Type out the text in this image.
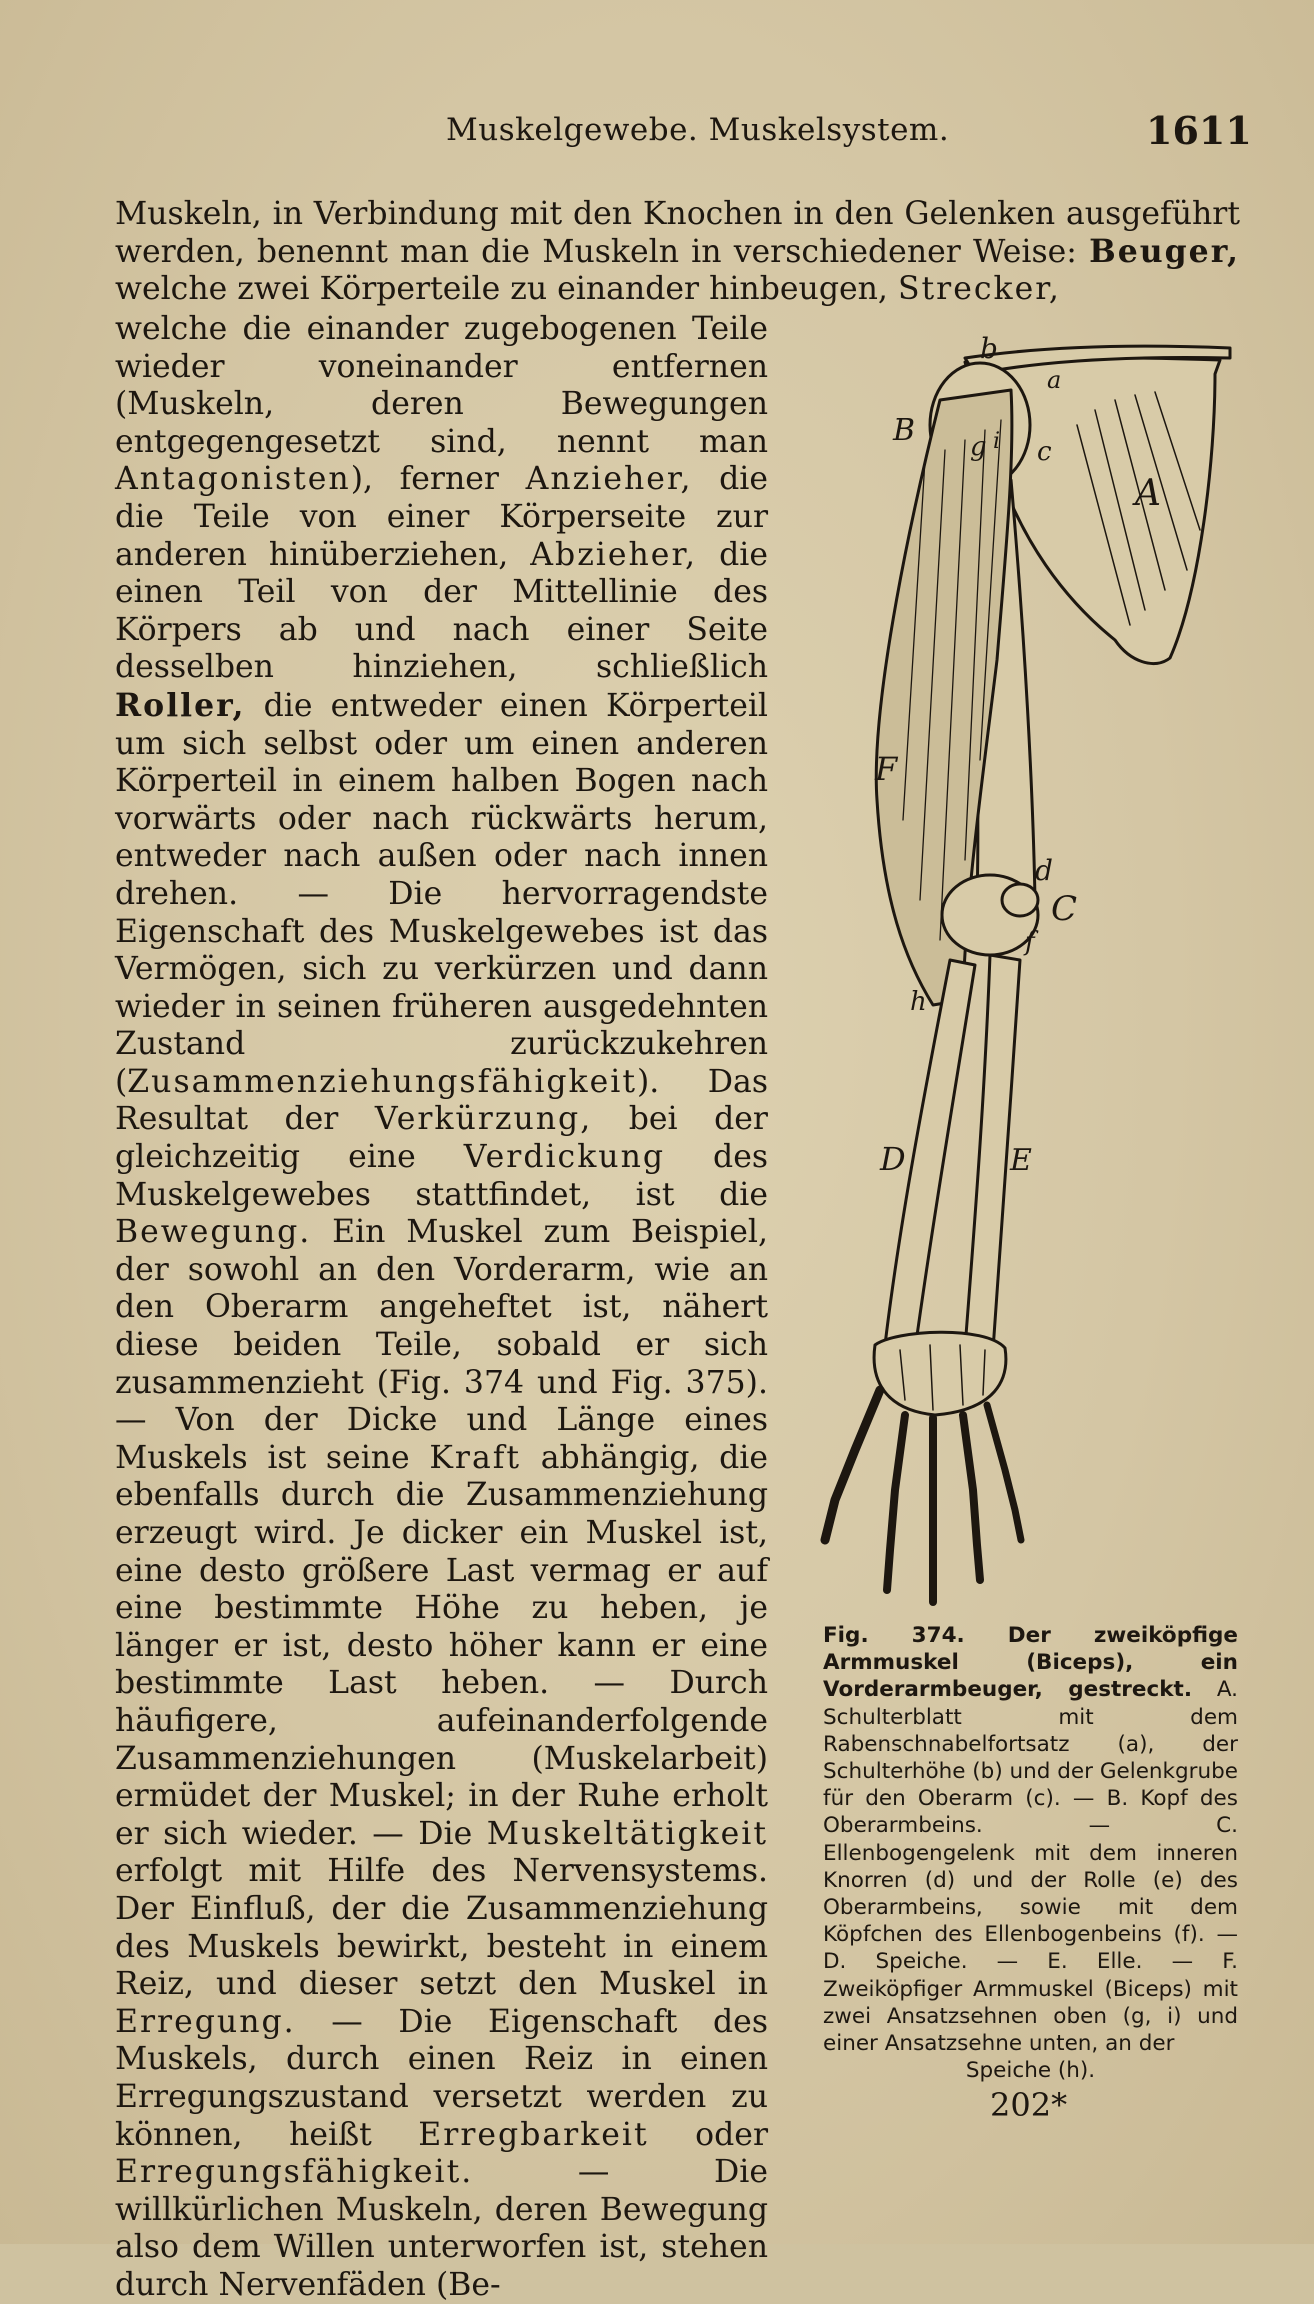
Muskelgewebe. Muskelsystem.	1611
Muskeln, in Verbindung mit den Knochen in den Gelenken ausgeführt werden, benennt man die Muskeln in verschiedener Weise: Beuger, welche zwei Körperteile zu einander hinbeugen, Strecker,
welche die einander zugebogenen Teile wieder voneinander entfernen (Muskeln, deren Bewegungen entgegengesetzt sind, nennt man Antagonisten), ferner Anzieher, die die Teile von einer Körperseite zur anderen hinüberziehen, Abzieher, die einen Teil von der Mittellinie des Körpers ab und nach einer Seite desselben hinziehen, schließlich Roller, die entweder einen Körperteil um sich selbst oder um einen anderen Körperteil in einem halben Bogen nach vorwärts oder nach rückwärts herum, entweder nach außen oder nach innen drehen. — Die hervorragendste Eigenschaft des Muskelgewebes ist das Vermögen, sich zu verkürzen und dann wieder in seinen früheren ausgedehnten Zustand zurückzukehren (Zusammenziehungsfähigkeit). Das Resultat der Verkürzung, bei der gleichzeitig eine Verdickung des Muskelgewebes stattfindet, ist die Bewegung. Ein Muskel zum Beispiel, der sowohl an den Vorderarm, wie an den Oberarm angeheftet ist, nähert diese beiden Teile, sobald er sich zusammenzieht (Fig. 374 und Fig. 375). — Von der Dicke und Länge eines Muskels ist seine Kraft abhängig, die ebenfalls durch die Zusammenziehung erzeugt wird. Je dicker ein Muskel ist, eine desto größere Last vermag er auf eine bestimmte Höhe zu heben, je länger er ist, desto höher kann er eine bestimmte Last heben. — Durch häufigere, aufeinanderfolgende Zusammenziehungen (Muskelarbeit) ermüdet der Muskel; in der Ruhe erholt er sich wieder. — Die Muskeltätigkeit erfolgt mit Hilfe des Nervensystems. Der Einfluß, der die Zusammenziehung des Muskels bewirkt, besteht in einem Reiz, und dieser setzt den Muskel in Erregung. — Die Eigenschaft des Muskels, durch einen Reiz in einen Erregungszustand versetzt werden zu können, heißt Erregbarkeit oder Erregungsfähigkeit. — Die willkürlichen Muskeln, deren Bewegung also dem Willen unterworfen ist, stehen durch Nervenfäden (Be-
b
a
B g i c
A
F
d
C
f
h
D	E
Fig. 374. Der zweiköpfige Armmuskel (Biceps), ein Vorderarmbeuger, gestreckt. A. Schulterblatt mit dem Rabenschnabelfortsatz (a), der Schulterhöhe (b) und der Gelenkgrube für den Oberarm (c). — B. Kopf des Oberarmbeins. — C. Ellenbogengelenk mit dem inneren Knorren (d) und der Rolle (e) des Oberarmbeins, sowie mit dem Köpfchen des Ellenbogenbeins (f). — D. Speiche. — E. Elle. — F. Zweiköpfiger Armmuskel (Biceps) mit zwei Ansatzsehnen oben (g, i) und einer Ansatzsehne unten, an der
Speiche (h).
202*
